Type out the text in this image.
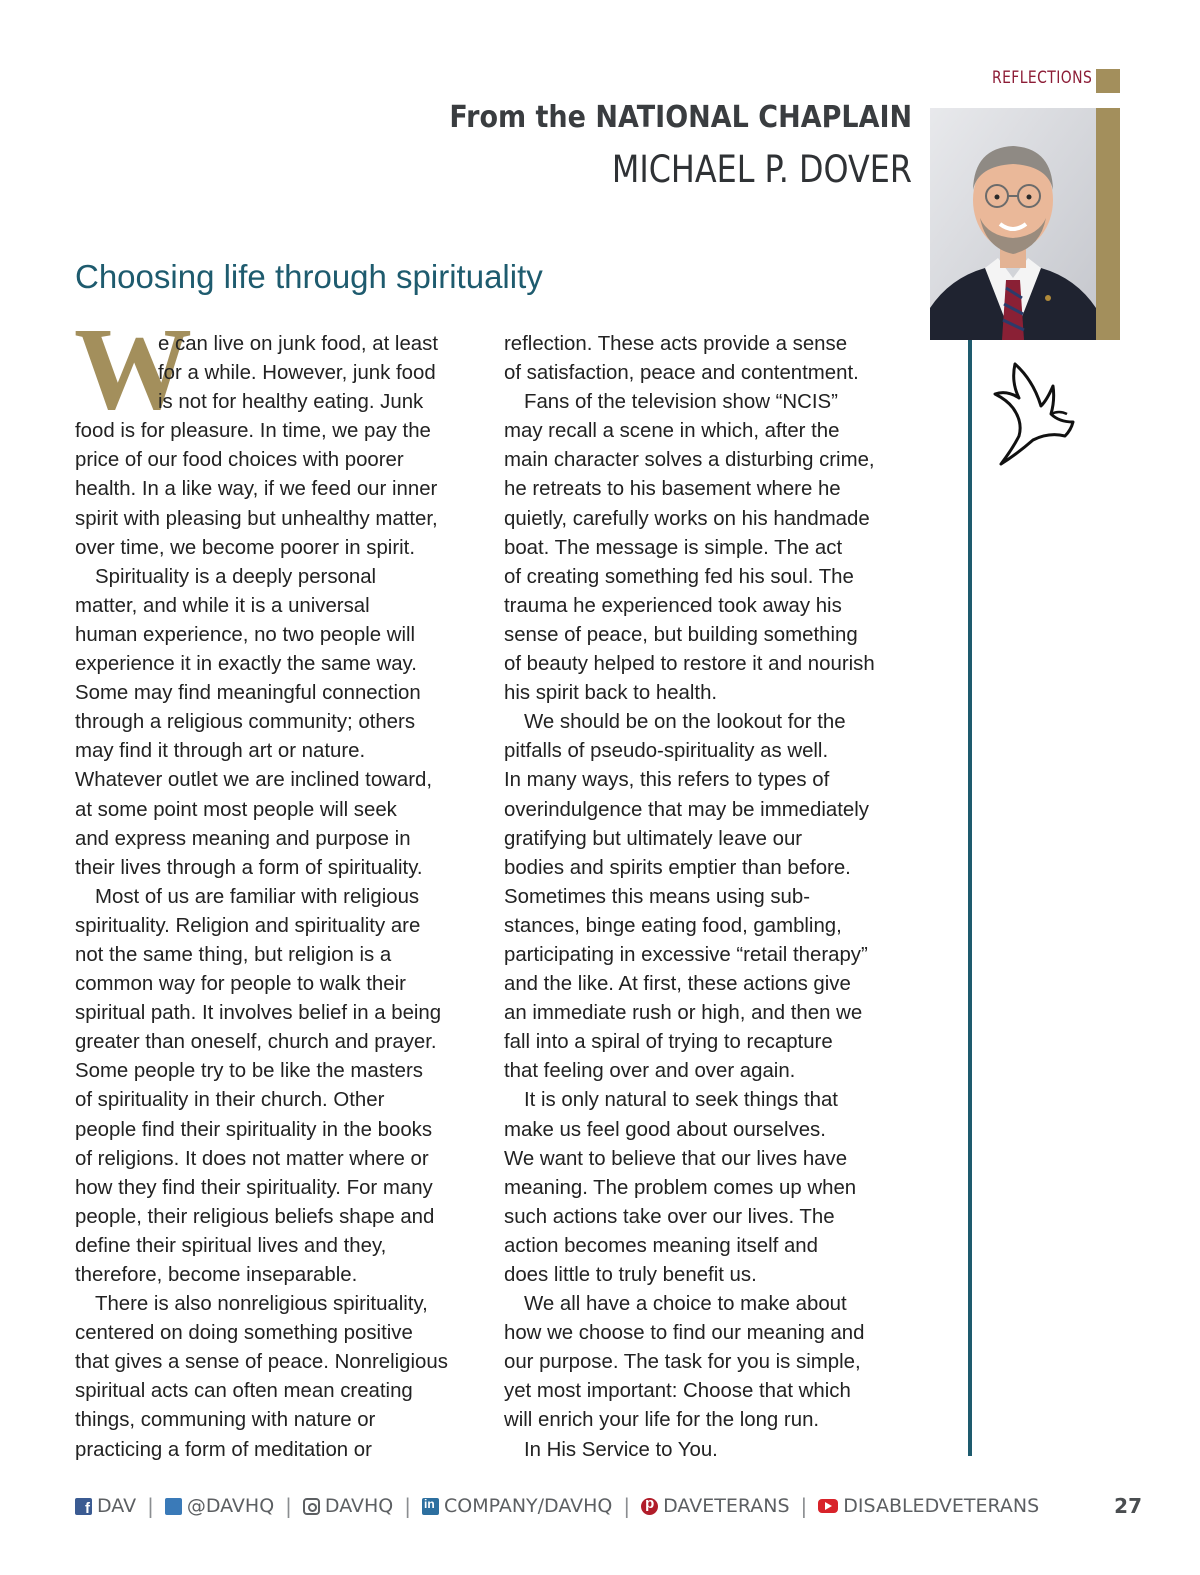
REFLECTIONS
From the NATIONAL CHAPLAIN
MICHAEL P. DOVER
Choosing life through spirituality
W
e can live on junk food, at least
for a while. However, junk food
is not for healthy eating. Junk
food is for pleasure. In time, we pay the
price of our food choices with poorer
health. In a like way, if we feed our inner
spirit with pleasing but unhealthy matter,
over time, we become poorer in spirit.
Spirituality is a deeply personal
matter, and while it is a universal
human experience, no two people will
experience it in exactly the same way.
Some may find meaningful connection
through a religious community; others
may find it through art or nature.
Whatever outlet we are inclined toward,
at some point most people will seek
and express meaning and purpose in
their lives through a form of spirituality.
Most of us are familiar with religious
spirituality. Religion and spirituality are
not the same thing, but religion is a
common way for people to walk their
spiritual path. It involves belief in a being
greater than oneself, church and prayer.
Some people try to be like the masters
of spirituality in their church. Other
people find their spirituality in the books
of religions. It does not matter where or
how they find their spirituality. For many
people, their religious beliefs shape and
define their spiritual lives and they,
therefore, become inseparable.
There is also nonreligious spirituality,
centered on doing something positive
that gives a sense of peace. Nonreligious
spiritual acts can often mean creating
things, communing with nature or
practicing a form of meditation or
reflection. These acts provide a sense
of satisfaction, peace and contentment.
Fans of the television show “NCIS”
may recall a scene in which, after the
main character solves a disturbing crime,
he retreats to his basement where he
quietly, carefully works on his handmade
boat. The message is simple. The act
of creating something fed his soul. The
trauma he experienced took away his
sense of peace, but building something
of beauty helped to restore it and nourish
his spirit back to health.
We should be on the lookout for the
pitfalls of pseudo-spirituality as well.
In many ways, this refers to types of
overindulgence that may be immediately
gratifying but ultimately leave our
bodies and spirits emptier than before.
Sometimes this means using sub-
stances, binge eating food, gambling,
participating in excessive “retail therapy”
and the like. At first, these actions give
an immediate rush or high, and then we
fall into a spiral of trying to recapture
that feeling over and over again.
It is only natural to seek things that
make us feel good about ourselves.
We want to believe that our lives have
meaning. The problem comes up when
such actions take over our lives. The
action becomes meaning itself and
does little to truly benefit us.
We all have a choice to make about
how we choose to find our meaning and
our purpose. The task for you is simple,
yet most important: Choose that which
will enrich your life for the long run.
In His Service to You.
f
DAV | @DAVHQ | DAVHQ | in COMPANY/DAVHQ | p DAVETERANS | DISABLEDVETERANS	27
